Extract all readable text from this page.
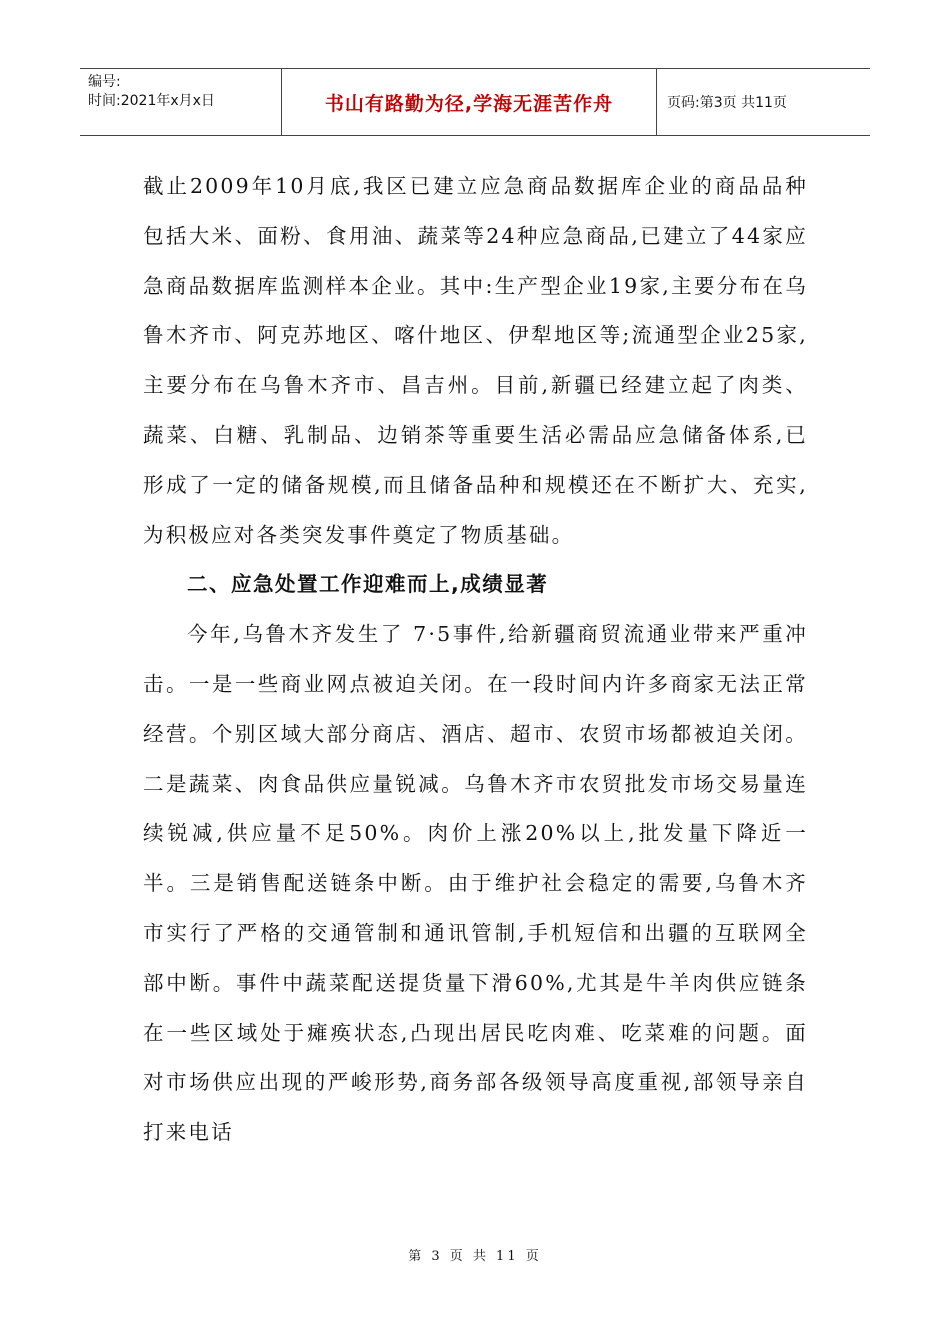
编号:
时间:2021年x月x日	书山有路勤为径,学海无涯苦作舟	页码:第3页 共11页

截止2009年10月底,我区已建立应急商品数据库企业的商品品种包括大米、面粉、食用油、蔬菜等24种应急商品,已建立了44家应急商品数据库监测样本企业。其中:生产型企业19家,主要分布在乌鲁木齐市、阿克苏地区、喀什地区、伊犁地区等;流通型企业25家,主要分布在乌鲁木齐市、昌吉州。目前,新疆已经建立起了肉类、蔬菜、白糖、乳制品、边销茶等重要生活必需品应急储备体系,已形成了一定的储备规模,而且储备品种和规模还在不断扩大、充实,为积极应对各类突发事件奠定了物质基础。

二、应急处置工作迎难而上,成绩显著

今年,乌鲁木齐发生了 7·5事件,给新疆商贸流通业带来严重冲击。一是一些商业网点被迫关闭。在一段时间内许多商家无法正常经营。个别区域大部分商店、酒店、超市、农贸市场都被迫关闭。二是蔬菜、肉食品供应量锐减。乌鲁木齐市农贸批发市场交易量连续锐减,供应量不足50%。肉价上涨20%以上,批发量下降近一半。三是销售配送链条中断。由于维护社会稳定的需要,乌鲁木齐市实行了严格的交通管制和通讯管制,手机短信和出疆的互联网全部中断。事件中蔬菜配送提货量下滑60%,尤其是牛羊肉供应链条在一些区域处于瘫痪状态,凸现出居民吃肉难、吃菜难的问题。面对市场供应出现的严峻形势,商务部各级领导高度重视,部领导亲自打来电话

第 3 页 共 11 页
